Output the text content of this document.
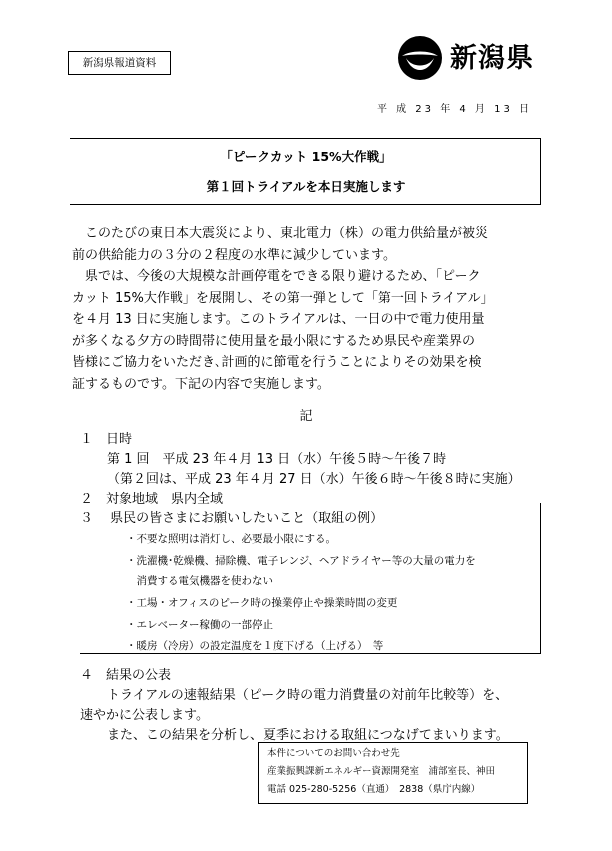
新潟県報道資料	新潟県
平 成 23 年 4 月 13 日
「ピークカット 15%大作戦」
第１回トライアルを本日実施します

　このたびの東日本大震災により、東北電力（株）の電力供給量が被災

前の供給能力の３分の２程度の水準に減少しています。

　県では、今後の大規模な計画停電をできる限り避けるため、「ピーク

カット 15%大作戦」を展開し、その第一弾として「第一回トライアル」

を４月 13 日に実施します。このトライアルは、一日の中で電力使用量

が多くなる夕方の時間帯に使用量を最小限にするため県民や産業界の

皆様にご協力をいただき､計画的に節電を行うことによりその効果を検

証するものです。下記の内容で実施します。

記
１　日時
第 1 回　平成 23 年４月 13 日（水）午後５時～午後７時
（第２回は、平成 23 年４月 27 日（水）午後６時～午後８時に実施）
２　対象地域　県内全域
３　 県民の皆さまにお願いしたいこと（取組の例）
・不要な照明は消灯し、必要最小限にする。
・洗濯機･乾燥機、掃除機、電子レンジ、ヘアドライヤー等の大量の電力を
　消費する電気機器を使わない
・工場・オフィスのピーク時の操業停止や操業時間の変更
・エレベーター稼働の一部停止
・暖房（冷房）の設定温度を１度下げる（上げる）　等
４　結果の公表
トライアルの速報結果（ピーク時の電力消費量の対前年比較等）を、
速やかに公表します。
また、この結果を分析し、夏季における取組につなげてまいります。
本件についてのお問い合わせ先
産業振興課新エネルギー資源開発室　浦部室長、神田
電話 025-280-5256（直通）　2838（県庁内線）
